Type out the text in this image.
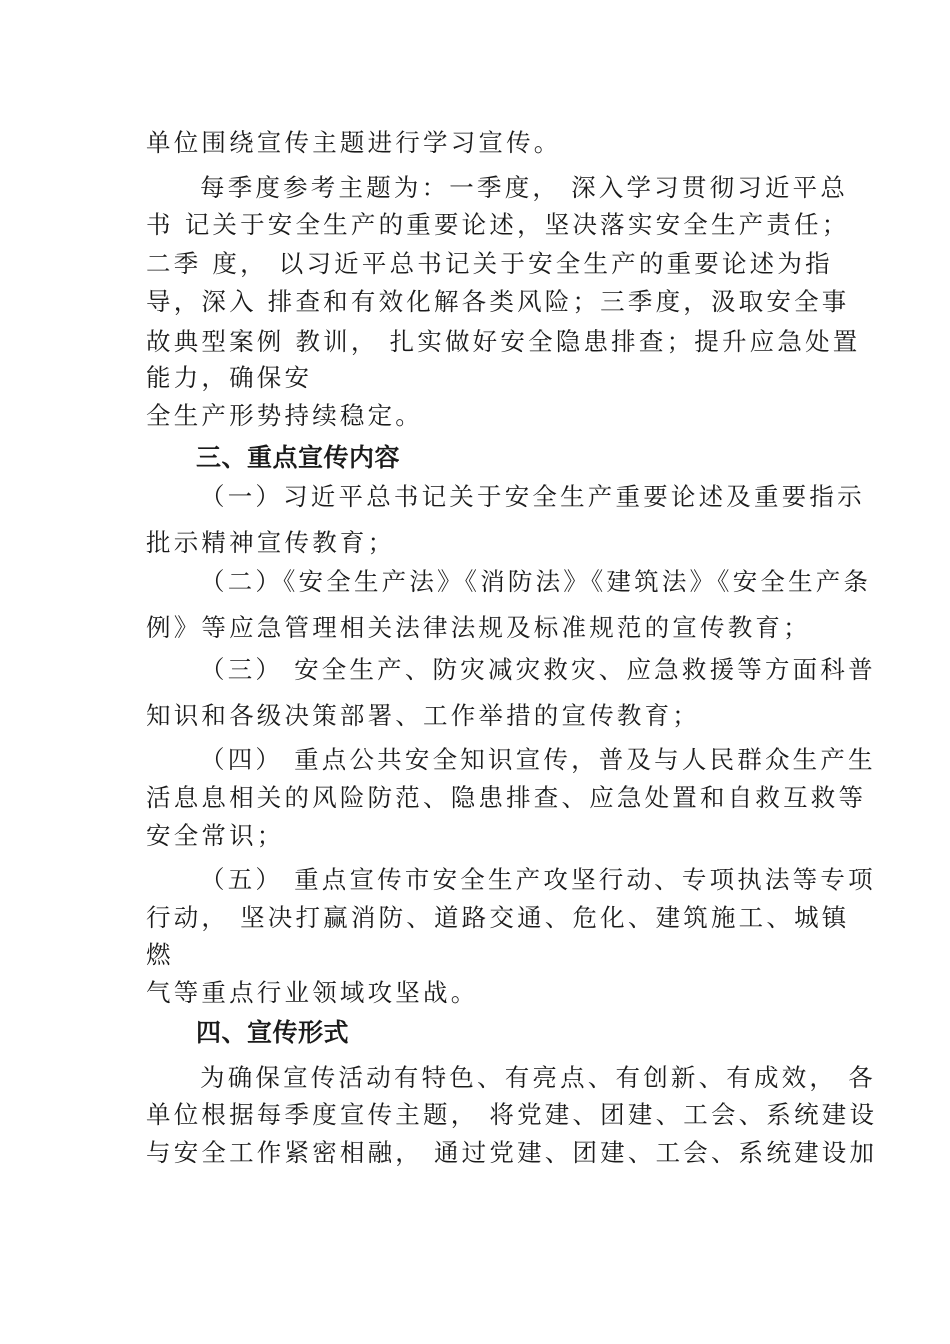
单位围绕宣传主题进行学习宣传。
每季度参考主题为：一季度， 深入学习贯彻习近平总
书 记关于安全生产的重要论述，坚决落实安全生产责任；
二季 度， 以习近平总书记关于安全生产的重要论述为指
导，深入 排查和有效化解各类风险；三季度，汲取安全事
故典型案例 教训， 扎实做好安全隐患排查；提升应急处置
能力，确保安
全生产形势持续稳定。
三、重点宣传内容
（一）习近平总书记关于安全生产重要论述及重要指示
批示精神宣传教育；
（二）《安全生产法》《消防法》《建筑法》《安全生产条
例》等应急管理相关法律法规及标准规范的宣传教育；
（三） 安全生产、防灾减灾救灾、应急救援等方面科普
知识和各级决策部署、工作举措的宣传教育；
（四） 重点公共安全知识宣传，普及与人民群众生产生
活息息相关的风险防范、隐患排查、应急处置和自救互救等
安全常识；
（五） 重点宣传市安全生产攻坚行动、专项执法等专项
行动， 坚决打赢消防、道路交通、危化、建筑施工、城镇
燃
气等重点行业领域攻坚战。
四、宣传形式
为确保宣传活动有特色、有亮点、有创新、有成效， 各
单位根据每季度宣传主题， 将党建、团建、工会、系统建设
与安全工作紧密相融， 通过党建、团建、工会、系统建设加
